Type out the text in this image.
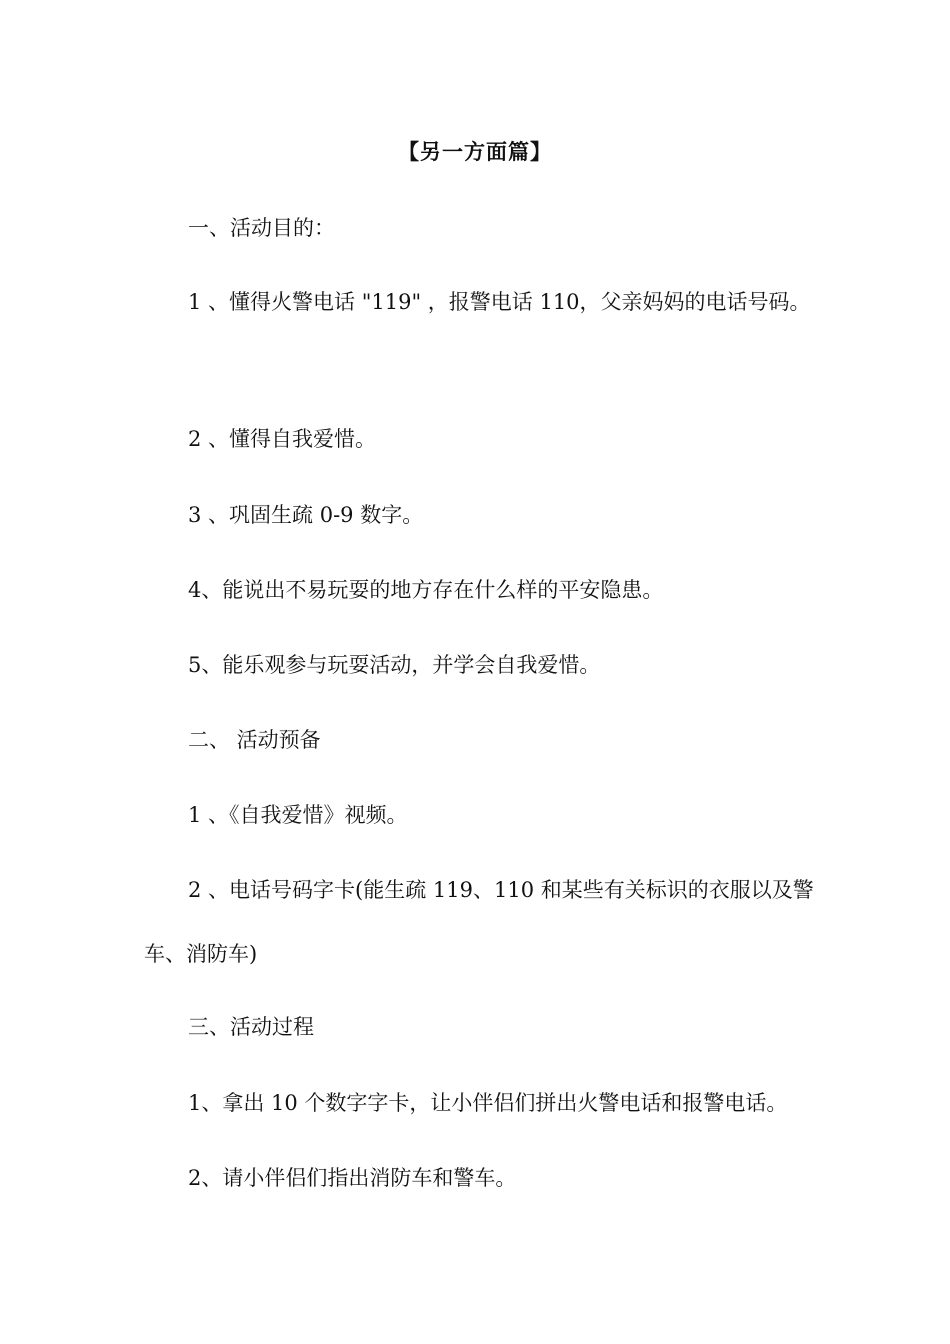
【另一方面篇】

一、活动目的：

1 、懂得火警电话 "119" ，报警电话 110，父亲妈妈的电话号码。

2 、懂得自我爱惜。

3 、巩固生疏 0-9 数字。

4、能说出不易玩耍的地方存在什么样的平安隐患。

5、能乐观参与玩耍活动，并学会自我爱惜。

二、 活动预备

1 、《自我爱惜》视频。

2 、电话号码字卡(能生疏 119、110 和某些有关标识的衣服以及警车、消防车)

三、活动过程

1、拿出 10 个数字字卡，让小伴侣们拼出火警电话和报警电话。

2、请小伴侣们指出消防车和警车。
